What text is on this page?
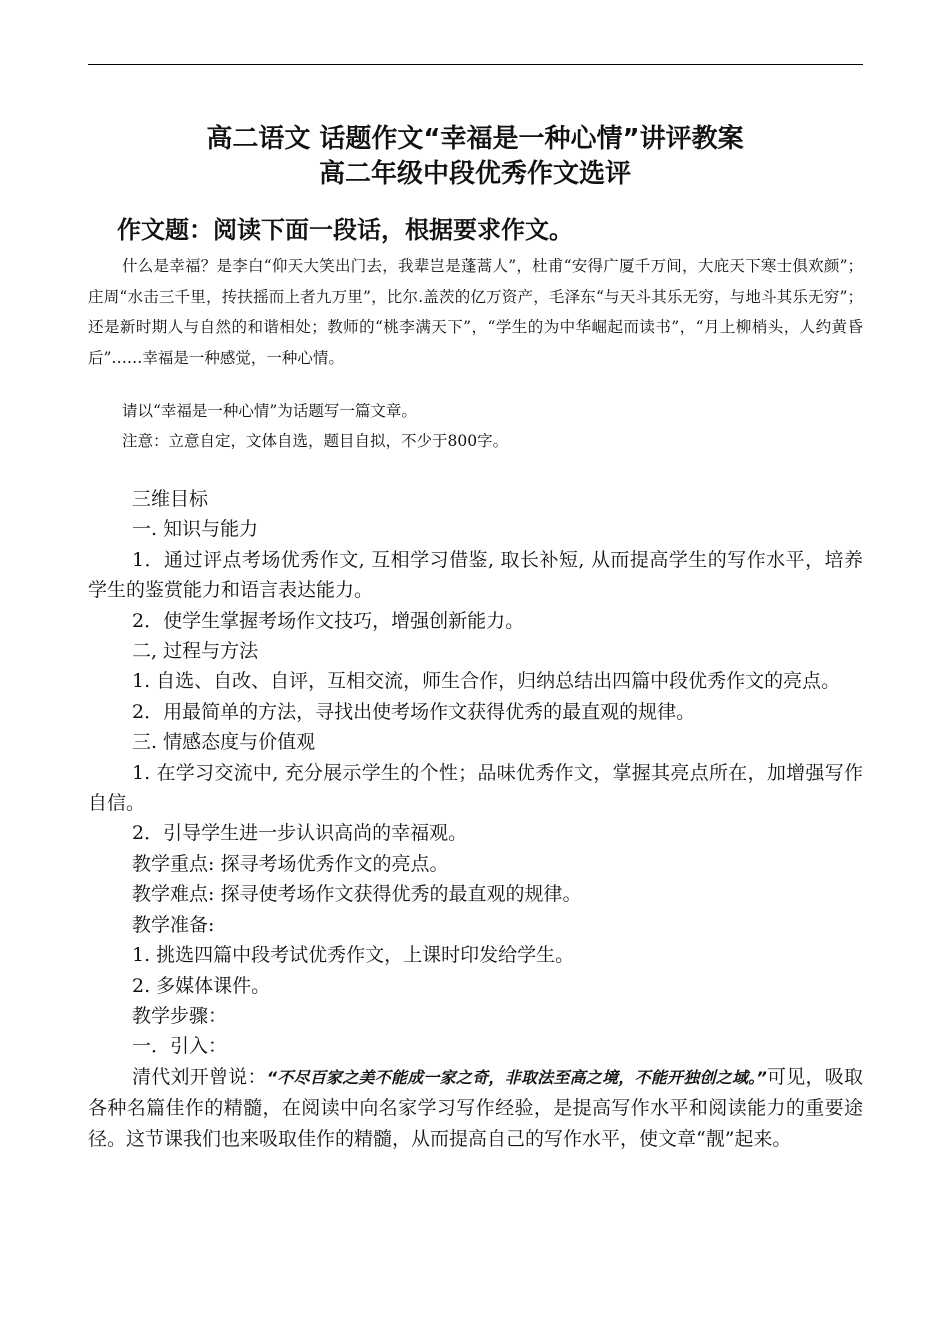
高二语文 话题作文“幸福是一种心情”讲评教案
高二年级中段优秀作文选评
作文题：阅读下面一段话，根据要求作文。

什么是幸福？是李白“仰天大笑出门去，我辈岂是蓬蒿人”，杜甫“安得广厦千万间，大庇天下寒士俱欢颜”；庄周“水击三千里，抟扶摇而上者九万里”，比尔.盖茨的亿万资产，毛泽东“与天斗其乐无穷，与地斗其乐无穷”；还是新时期人与自然的和谐相处；教师的“桃李满天下”，“学生的为中华崛起而读书”，“月上柳梢头，人约黄昏后”……幸福是一种感觉，一种心情。

请以“幸福是一种心情”为话题写一篇文章。

注意：立意自定，文体自选，题目自拟，不少于800字。

三维目标

一. 知识与能力

1．通过评点考场优秀作文, 互相学习借鉴, 取长补短, 从而提高学生的写作水平，培养学生的鉴赏能力和语言表达能力。

2．使学生掌握考场作文技巧，增强创新能力。

二, 过程与方法

1. 自选、自改、自评，互相交流，师生合作，归纳总结出四篇中段优秀作文的亮点。

2．用最简单的方法，寻找出使考场作文获得优秀的最直观的规律。

三. 情感态度与价值观

1. 在学习交流中, 充分展示学生的个性；品味优秀作文，掌握其亮点所在，加增强写作自信。

2．引导学生进一步认识高尚的幸福观。

教学重点: 探寻考场优秀作文的亮点。

教学难点: 探寻使考场作文获得优秀的最直观的规律。

教学准备:

1. 挑选四篇中段考试优秀作文，上课时印发给学生。

2. 多媒体课件。

教学步骤：

一．引入：

清代刘开曾说：“不尽百家之美不能成一家之奇，非取法至高之境，不能开独创之域。”可见，吸取各种名篇佳作的精髓，在阅读中向名家学习写作经验，是提高写作水平和阅读能力的重要途径。这节课我们也来吸取佳作的精髓，从而提高自己的写作水平，使文章“靓”起来。
